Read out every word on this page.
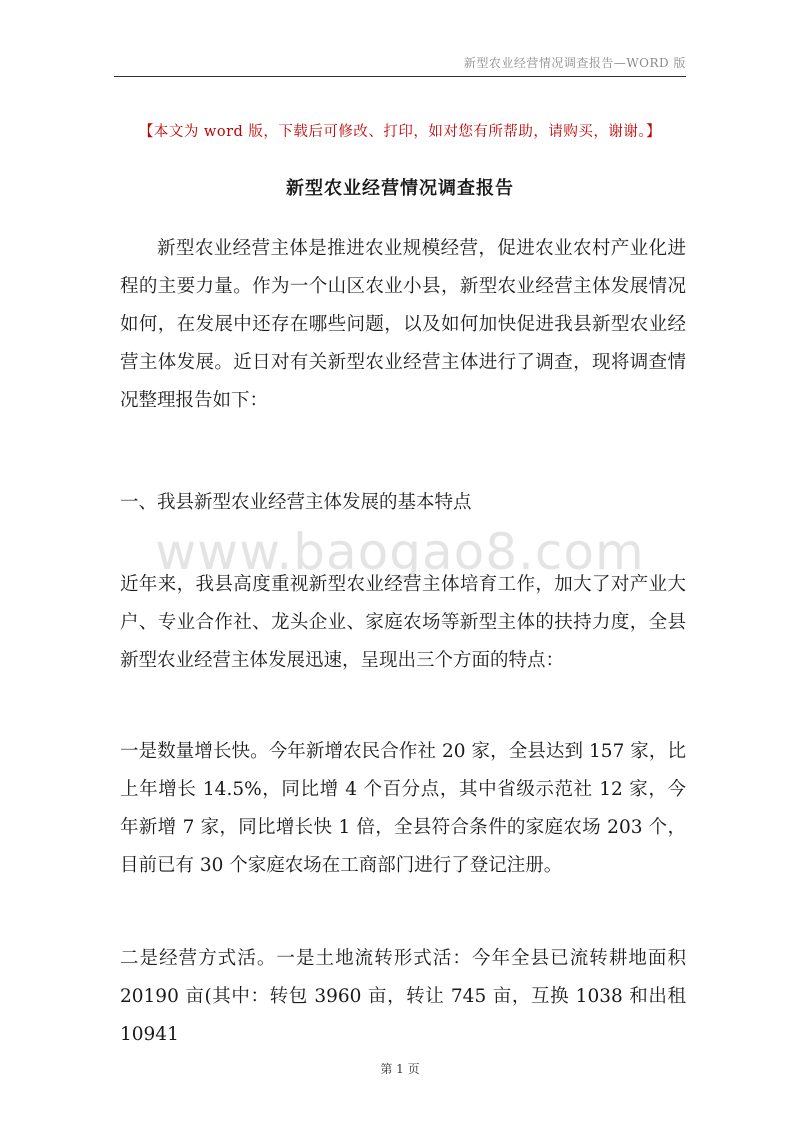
新型农业经营情况调查报告—WORD 版
【本文为 word 版，下载后可修改、打印，如对您有所帮助，请购买，谢谢。】
新型农业经营情况调查报告
www.baogao8.com

新型农业经营主体是推进农业规模经营，促进农业农村产业化进程的主要力量。作为一个山区农业小县，新型农业经营主体发展情况如何，在发展中还存在哪些问题，以及如何加快促进我县新型农业经营主体发展。近日对有关新型农业经营主体进行了调查，现将调查情况整理报告如下：

一、我县新型农业经营主体发展的基本特点

近年来，我县高度重视新型农业经营主体培育工作，加大了对产业大户、专业合作社、龙头企业、家庭农场等新型主体的扶持力度，全县新型农业经营主体发展迅速，呈现出三个方面的特点：

一是数量增长快。今年新增农民合作社 20 家，全县达到 157 家，比上年增长 14.5%，同比增 4 个百分点，其中省级示范社 12 家，今年新增 7 家，同比增长快 1 倍，全县符合条件的家庭农场 203 个，目前已有 30 个家庭农场在工商部门进行了登记注册。

二是经营方式活。一是土地流转形式活：今年全县已流转耕地面积 20190 亩(其中：转包 3960 亩，转让 745 亩，互换 1038 和出租 10941

第 1 页
